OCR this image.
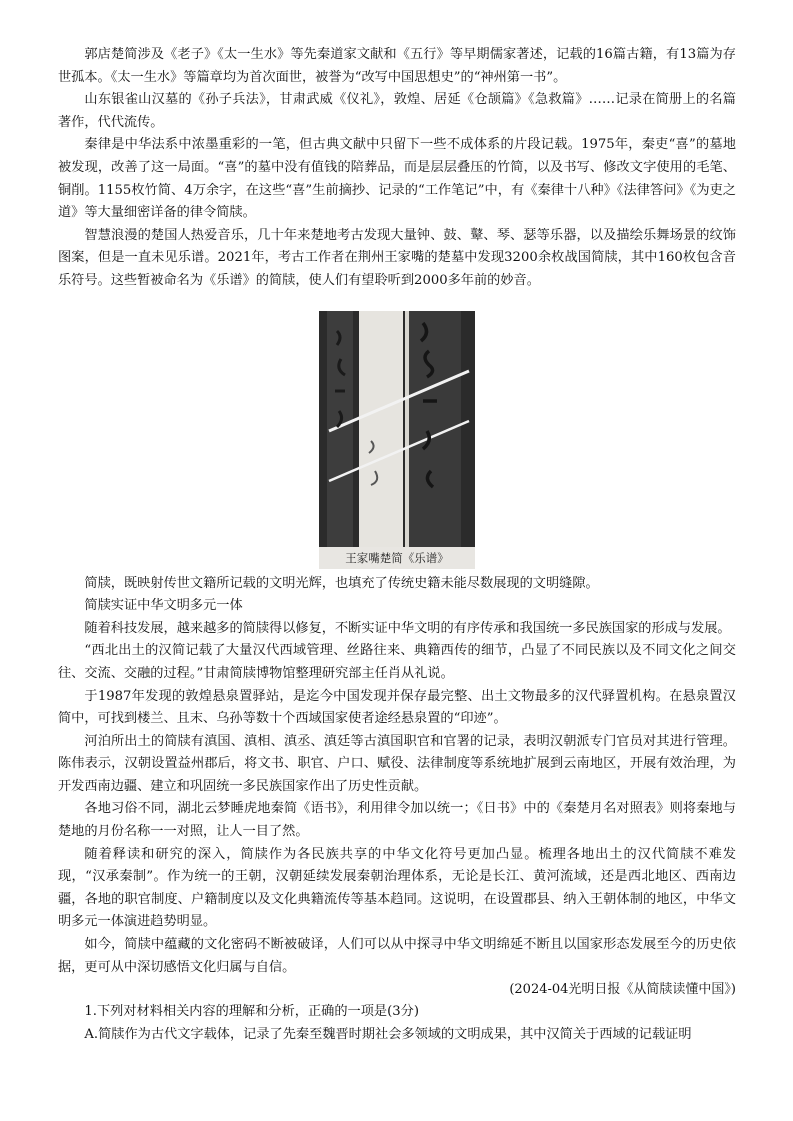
郭店楚简涉及《老子》《太一生水》等先秦道家文献和《五行》等早期儒家著述，记载的16篇古籍，有13篇为存世孤本。《太一生水》等篇章均为首次面世，被誉为“改写中国思想史”的“神州第一书”。

山东银雀山汉墓的《孙子兵法》，甘肃武威《仪礼》，敦煌、居延《仓颉篇》《急救篇》……记录在简册上的名篇著作，代代流传。

秦律是中华法系中浓墨重彩的一笔，但古典文献中只留下一些不成体系的片段记载。1975年，秦吏“喜”的墓地被发现，改善了这一局面。“喜”的墓中没有值钱的陪葬品，而是层层叠压的竹简，以及书写、修改文字使用的毛笔、铜削。1155枚竹简、4万余字，在这些“喜”生前摘抄、记录的“工作笔记”中，有《秦律十八种》《法律答问》《为吏之道》等大量细密详备的律令简牍。

智慧浪漫的楚国人热爱音乐，几十年来楚地考古发现大量钟、鼓、鼙、琴、瑟等乐器，以及描绘乐舞场景的纹饰图案，但是一直未见乐谱。2021年，考古工作者在荆州王家嘴的楚墓中发现3200余枚战国简牍，其中160枚包含音乐符号。这些暂被命名为《乐谱》的简牍，使人们有望聆听到2000多年前的妙音。

王家嘴楚简《乐谱》

简牍，既映射传世文籍所记载的文明光辉，也填充了传统史籍未能尽数展现的文明缝隙。

简牍实证中华文明多元一体

随着科技发展，越来越多的简牍得以修复，不断实证中华文明的有序传承和我国统一多民族国家的形成与发展。

“西北出土的汉简记载了大量汉代西域管理、丝路往来、典籍西传的细节，凸显了不同民族以及不同文化之间交往、交流、交融的过程。”甘肃简牍博物馆整理研究部主任肖从礼说。

于1987年发现的敦煌悬泉置驿站，是迄今中国发现并保存最完整、出土文物最多的汉代驿置机构。在悬泉置汉简中，可找到楼兰、且末、乌孙等数十个西域国家使者途经悬泉置的“印迹”。

河泊所出土的简牍有滇国、滇相、滇丞、滇廷等古滇国职官和官署的记录，表明汉朝派专门官员对其进行管理。陈伟表示，汉朝设置益州郡后，将文书、职官、户口、赋役、法律制度等系统地扩展到云南地区，开展有效治理，为开发西南边疆、建立和巩固统一多民族国家作出了历史性贡献。

各地习俗不同，湖北云梦睡虎地秦简《语书》，利用律令加以统一；《日书》中的《秦楚月名对照表》则将秦地与楚地的月份名称一一对照，让人一目了然。

随着释读和研究的深入，简牍作为各民族共享的中华文化符号更加凸显。梳理各地出土的汉代简牍不难发现，“汉承秦制”。作为统一的王朝，汉朝延续发展秦朝治理体系，无论是长江、黄河流域，还是西北地区、西南边疆，各地的职官制度、户籍制度以及文化典籍流传等基本趋同。这说明，在设置郡县、纳入王朝体制的地区，中华文明多元一体演进趋势明显。

如今，简牍中蕴藏的文化密码不断被破译，人们可以从中探寻中华文明绵延不断且以国家形态发展至今的历史依据，更可从中深切感悟文化归属与自信。

(2024-04光明日报《从简牍读懂中国》)

1.下列对材料相关内容的理解和分析，正确的一项是(3分)

A.简牍作为古代文字载体，记录了先秦至魏晋时期社会多领域的文明成果，其中汉简关于西域的记载证明
